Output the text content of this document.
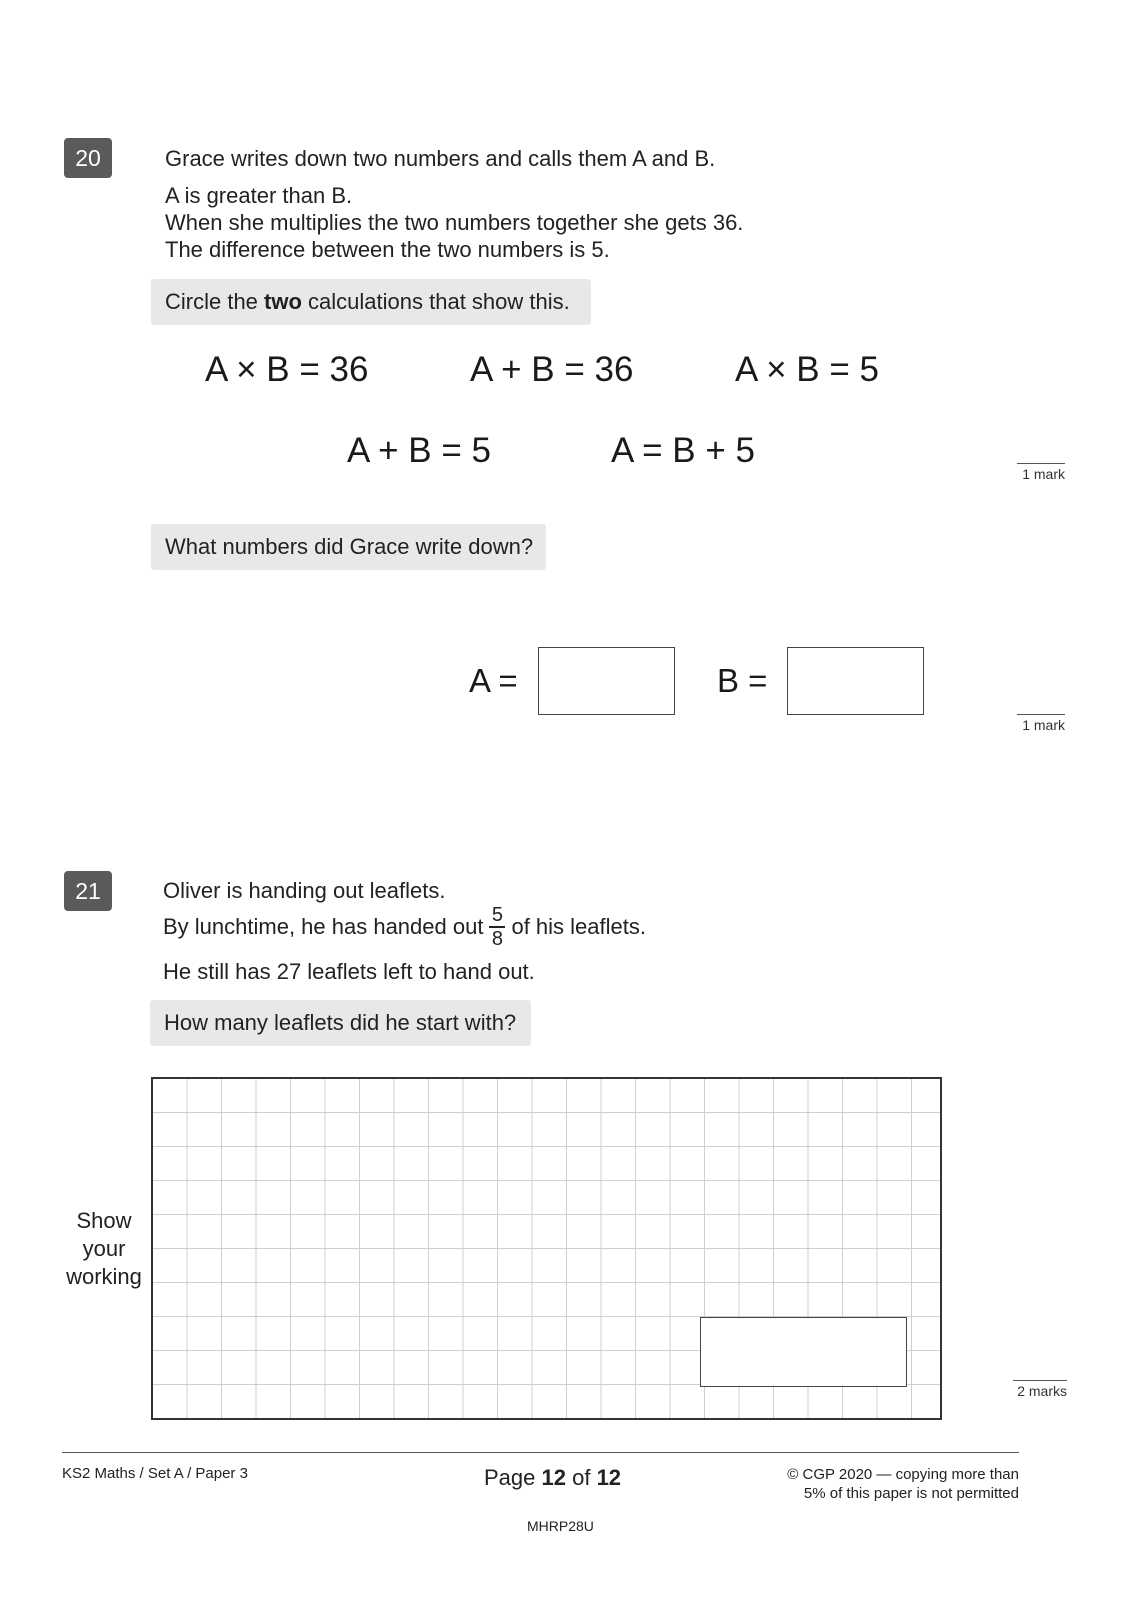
20	Grace writes down two numbers and calls them A and B.
A is greater than B.
When she multiplies the two numbers together she gets 36.
The difference between the two numbers is 5.
Circle the two calculations that show this.
A × B = 36	A + B = 36	A × B = 5
A + B = 5	A = B + 5
1 mark
What numbers did Grace write down?
A =	B =
1 mark
21	Oliver is handing out leaflets.
By lunchtime, he has handed out $\frac{5}{8}$ of his leaflets.
He still has 27 leaflets left to hand out.
How many leaflets did he start with?
Show
your
working
2 marks
KS2 Maths / Set A / Paper 3	Page 12 of 12	© CGP 2020 — copying more than
5% of this paper is not permitted
MHRP28U
